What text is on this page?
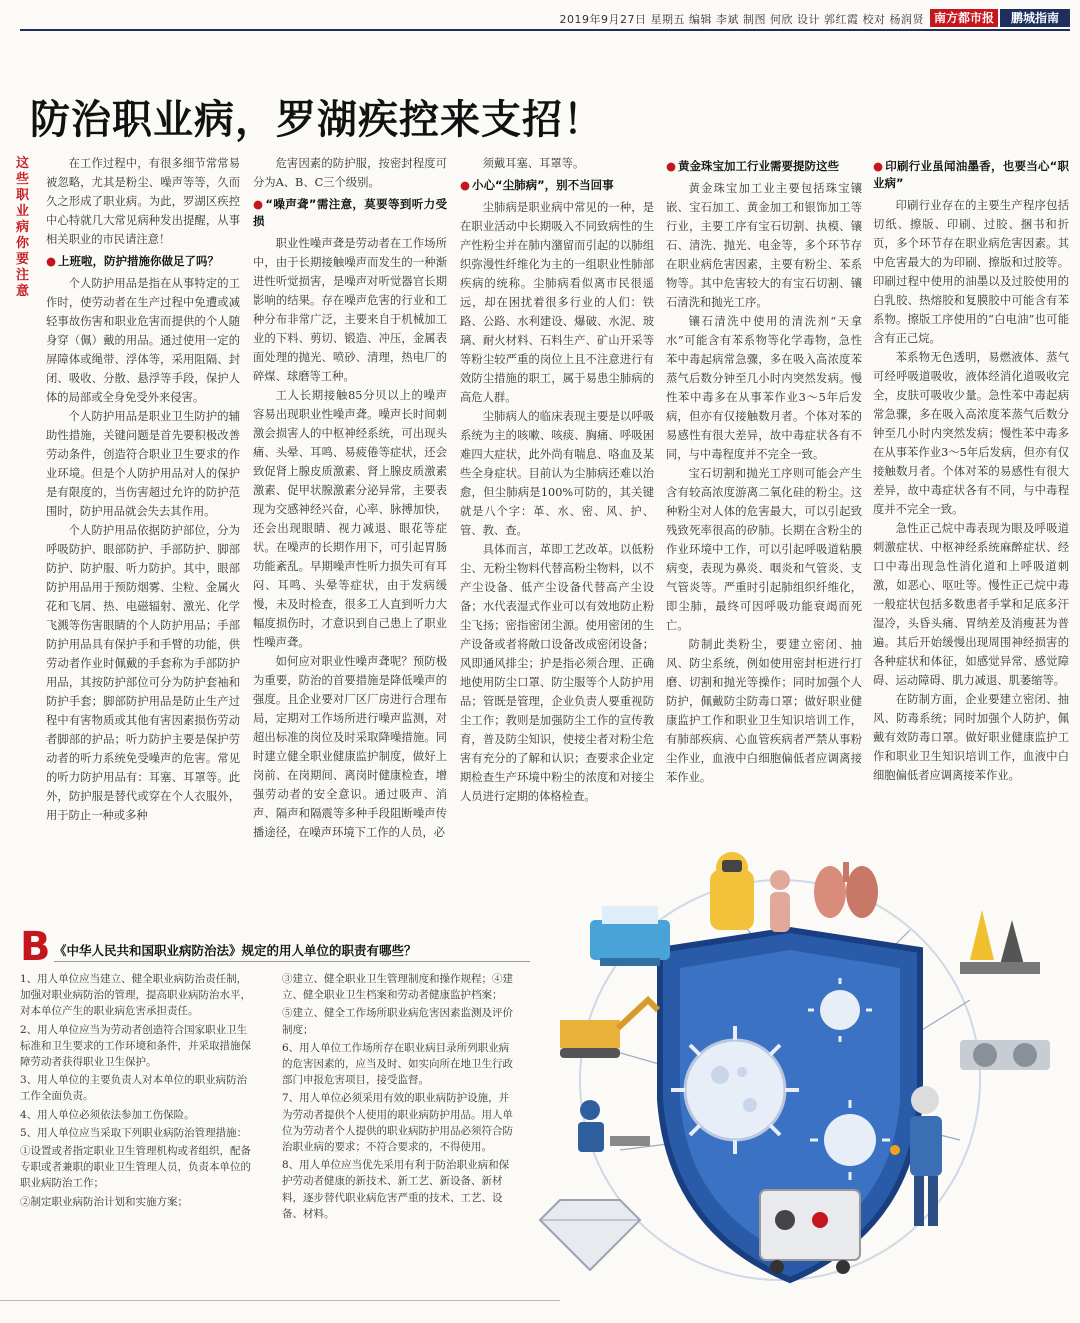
2019年9月27日 星期五 编辑 李斌 制图 何欣 设计 郭红霞 校对 杨润贤 南方都市报	鹏城指南
防治职业病，罗湖疾控来支招！
这些职业病你要注意

在工作过程中，有很多细节常常易被忽略，尤其是粉尘、噪声等等，久而久之形成了职业病。为此，罗湖区疾控中心特就几大常见病种发出提醒，从事相关职业的市民请注意！

● 上班啦，防护措施你做足了吗？

个人防护用品是指在从事特定的工作时，使劳动者在生产过程中免遭或减轻事故伤害和职业危害而提供的个人随身穿（佩）戴的用品。通过使用一定的屏障体或绳带、浮体等，采用阻隔、封闭、吸收、分散、悬浮等手段，保护人体的局部或全身免受外来侵害。

个人防护用品是职业卫生防护的辅助性措施，关键问题是首先要积极改善劳动条件，创造符合职业卫生要求的作业环境。但是个人防护用品对人的保护是有限度的，当伤害超过允许的防护范围时，防护用品就会失去其作用。

个人防护用品依据防护部位，分为呼吸防护、眼部防护、手部防护、脚部防护、防护服、听力防护。其中，眼部防护用品用于预防烟雾、尘粒、金属火花和飞屑、热、电磁辐射、激光、化学飞溅等伤害眼睛的个人防护用品；手部防护用品具有保护手和手臂的功能，供劳动者作业时佩戴的手套称为手部防护用品，其按防护部位可分为防护套袖和防护手套；脚部防护用品是防止生产过程中有害物质或其他有害因素损伤劳动者脚部的护品；听力防护主要是保护劳动者的听力系统免受噪声的危害。常见的听力防护用品有：耳塞、耳罩等。此外，防护服是替代或穿在个人衣服外，用于防止一种或多种

危害因素的防护服，按密封程度可分为A、B、C三个级别。

● “噪声聋”需注意，莫要等到听力受损

职业性噪声聋是劳动者在工作场所中，由于长期接触噪声而发生的一种渐进性听觉损害，是噪声对听觉器官长期影响的结果。存在噪声危害的行业和工种分布非常广泛，主要来自于机械加工业的下料、剪切、锻造、冲压，金属表面处理的抛光、喷砂、清理，热电厂的碎煤、球磨等工种。

工人长期接触85分贝以上的噪声容易出现职业性噪声聋。噪声长时间刺激会损害人的中枢神经系统，可出现头痛、头晕、耳鸣、易疲倦等症状，还会致促肾上腺皮质激素、肾上腺皮质激素激素、促甲状腺激素分泌异常，主要表现为交感神经兴奋，心率、脉搏加快，还会出现眼睛、视力减退、眼花等症状。在噪声的长期作用下，可引起胃肠功能紊乱。早期噪声性听力损失可有耳闷、耳鸣、头晕等症状，由于发病缓慢，未及时检查，很多工人直到听力大幅度损伤时，才意识到自己患上了职业性噪声聋。

如何应对职业性噪声聋呢？预防极为重要，防治的首要措施是降低噪声的强度。且企业要对厂区厂房进行合理布局，定期对工作场所进行噪声监测，对超出标准的岗位及时采取降噪措施。同时建立健全职业健康监护制度，做好上岗前、在岗期间、离岗时健康检查，增强劳动者的安全意识。通过吸声、消声、隔声和隔震等多种手段阻断噪声传播途径，在噪声环境下工作的人员，必

须戴耳塞、耳罩等。

● 小心“尘肺病”，别不当回事

尘肺病是职业病中常见的一种，是在职业活动中长期吸入不同致病性的生产性粉尘并在肺内潴留而引起的以肺组织弥漫性纤维化为主的一组职业性肺部疾病的统称。尘肺病看似离市民很遥远，却在困扰着很多行业的人们：铁路、公路、水利建设、爆破、水泥、玻璃、耐火材料、石料生产、矿山开采等等粉尘较严重的岗位上且不注意进行有效防尘措施的职工，属于易患尘肺病的高危人群。

尘肺病人的临床表现主要是以呼吸系统为主的咳嗽、咳痰、胸痛、呼吸困难四大症状，此外尚有喘息、咯血及某些全身症状。目前认为尘肺病还难以治愈，但尘肺病是100%可防的，其关键就是八个字：革、水、密、风、护、管、教、查。

具体而言，革即工艺改革。以低粉尘、无粉尘物料代替高粉尘物料，以不产尘设备、低产尘设备代替高产尘设备；水代表湿式作业可以有效地防止粉尘飞扬；密指密闭尘源。使用密闭的生产设备或者将敞口设备改成密闭设备；风即通风排尘；护是指必须合理、正确地使用防尘口罩、防尘服等个人防护用品；管既是管理，企业负责人要重视防尘工作；教则是加强防尘工作的宣传教育，普及防尘知识，使接尘者对粉尘危害有充分的了解和认识；查要求企业定期检查生产环境中粉尘的浓度和对接尘人员进行定期的体格检查。

● 黄金珠宝加工行业需要提防这些

黄金珠宝加工业主要包括珠宝镶嵌、宝石加工、黄金加工和银饰加工等行业，主要工序有宝石切割、执模、镶石、清洗、抛光、电金等，多个环节存在职业病危害因素，主要有粉尘、苯系物等。其中危害较大的有宝石切割、镶石清洗和抛光工序。

镶石清洗中使用的清洗剂“天拿水”可能含有苯系物等化学毒物，急性苯中毒起病常急骤，多在吸入高浓度苯蒸气后数分钟至几小时内突然发病。慢性苯中毒多在从事苯作业3～5年后发病，但亦有仅接触数月者。个体对苯的易感性有很大差异，故中毒症状各有不同，与中毒程度并不完全一致。

宝石切割和抛光工序则可能会产生含有较高浓度游离二氧化硅的粉尘。这种粉尘对人体的危害最大，可以引起致残致死率很高的矽肺。长期在含粉尘的作业环境中工作，可以引起呼吸道粘膜病变，表现为鼻炎、咽炎和气管炎、支气管炎等。严重时引起肺组织纤维化，即尘肺，最终可因呼吸功能衰竭而死亡。

防制此类粉尘，要建立密闭、抽风、防尘系统，例如使用密封柜进行打磨、切割和抛光等操作；同时加强个人防护，佩戴防尘防毒口罩；做好职业健康监护工作和职业卫生知识培训工作，有肺部疾病、心血管疾病者严禁从事粉尘作业，血液中白细胞偏低者应调离接苯作业。

● 印刷行业虽闻油墨香，也要当心“职业病”

印刷行业存在的主要生产程序包括切纸、擦版、印刷、过胶、捆书和折页，多个环节存在职业病危害因素。其中危害最大的为印刷、擦版和过胶等。印刷过程中使用的油墨以及过胶使用的白乳胶、热熔胶和复膜胶中可能含有苯系物。擦版工序使用的“白电油”也可能含有正己烷。

苯系物无色透明，易燃液体、蒸气可经呼吸道吸收，液体经消化道吸收完全，皮肤可吸收少量。急性苯中毒起病常急骤，多在吸入高浓度苯蒸气后数分钟至几小时内突然发病；慢性苯中毒多在从事苯作业3～5年后发病，但亦有仅接触数月者。个体对苯的易感性有很大差异，故中毒症状各有不同，与中毒程度并不完全一致。

急性正己烷中毒表现为眼及呼吸道刺激症状、中枢神经系统麻醉症状、经口中毒出现急性消化道和上呼吸道刺激，如恶心、呕吐等。慢性正己烷中毒一般症状包括多数患者手掌和足底多汗湿冷，头昏头痛、胃纳差及消瘦甚为普遍。其后开始缓慢出现周围神经损害的各种症状和体征，如感觉异常、感觉障碍、运动障碍、肌力减退、肌萎缩等。

在防制方面，企业要建立密闭、抽风、防毒系统；同时加强个人防护，佩戴有效防毒口罩。做好职业健康监护工作和职业卫生知识培训工作，血液中白细胞偏低者应调离接苯作业。

B 《中华人民共和国职业病防治法》规定的用人单位的职责有哪些？

1、用人单位应当建立、健全职业病防治责任制，加强对职业病防治的管理，提高职业病防治水平，对本单位产生的职业病危害承担责任。

2、用人单位应当为劳动者创造符合国家职业卫生标准和卫生要求的工作环境和条件，并采取措施保障劳动者获得职业卫生保护。

3、用人单位的主要负责人对本单位的职业病防治工作全面负责。

4、用人单位必须依法参加工伤保险。

5、用人单位应当采取下列职业病防治管理措施：

①设置或者指定职业卫生管理机构或者组织，配备专职或者兼职的职业卫生管理人员，负责本单位的职业病防治工作；

②制定职业病防治计划和实施方案；

③建立、健全职业卫生管理制度和操作规程；④建立、健全职业卫生档案和劳动者健康监护档案；

⑤建立、健全工作场所职业病危害因素监测及评价制度；

6、用人单位工作场所存在职业病目录所列职业病的危害因素的，应当及时、如实向所在地卫生行政部门申报危害项目，接受监督。

7、用人单位必须采用有效的职业病防护设施，并为劳动者提供个人使用的职业病防护用品。用人单位为劳动者个人提供的职业病防护用品必须符合防治职业病的要求；不符合要求的，不得使用。

8、用人单位应当优先采用有利于防治职业病和保护劳动者健康的新技术、新工艺、新设备、新材料，逐步替代职业病危害严重的技术、工艺、设备、材料。
